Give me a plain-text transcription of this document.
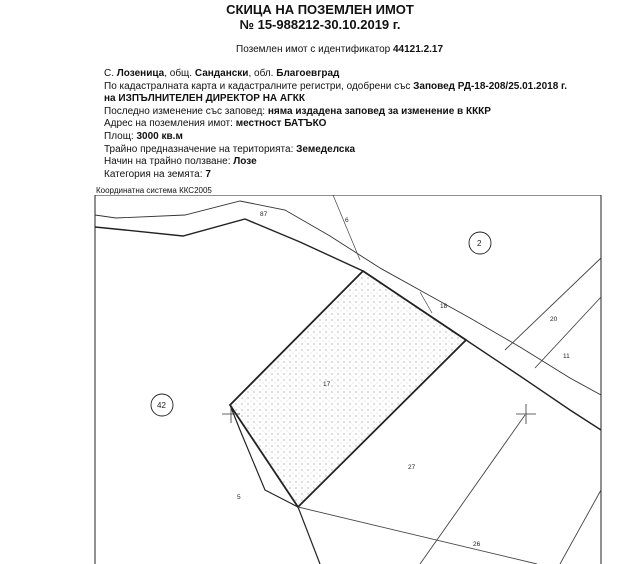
СКИЦА НА ПОЗЕМЛЕН ИМОТ
№ 15-988212-30.10.2019 г.
Поземлен имот с идентификатор 44121.2.17
С. Лозеница, общ. Сандански, обл. Благоевград
По кадастралната карта и кадастралните регистри, одобрени със Заповед РД-18-208/25.01.2018 г.
на ИЗПЪЛНИТЕЛЕН ДИРЕКТОР НА АГКК
Последно изменение със заповед: няма издадена заповед за изменение в КККР
Адрес на поземления имот: местност БАТЪКО
Площ: 3000 кв.м
Трайно предназначение на територията: Земеделска
Начин на трайно ползване: Лозе
Категория на земята: 7
Координатна система ККС2005
87
6
2
18
20
11
42
17
27
5
26
